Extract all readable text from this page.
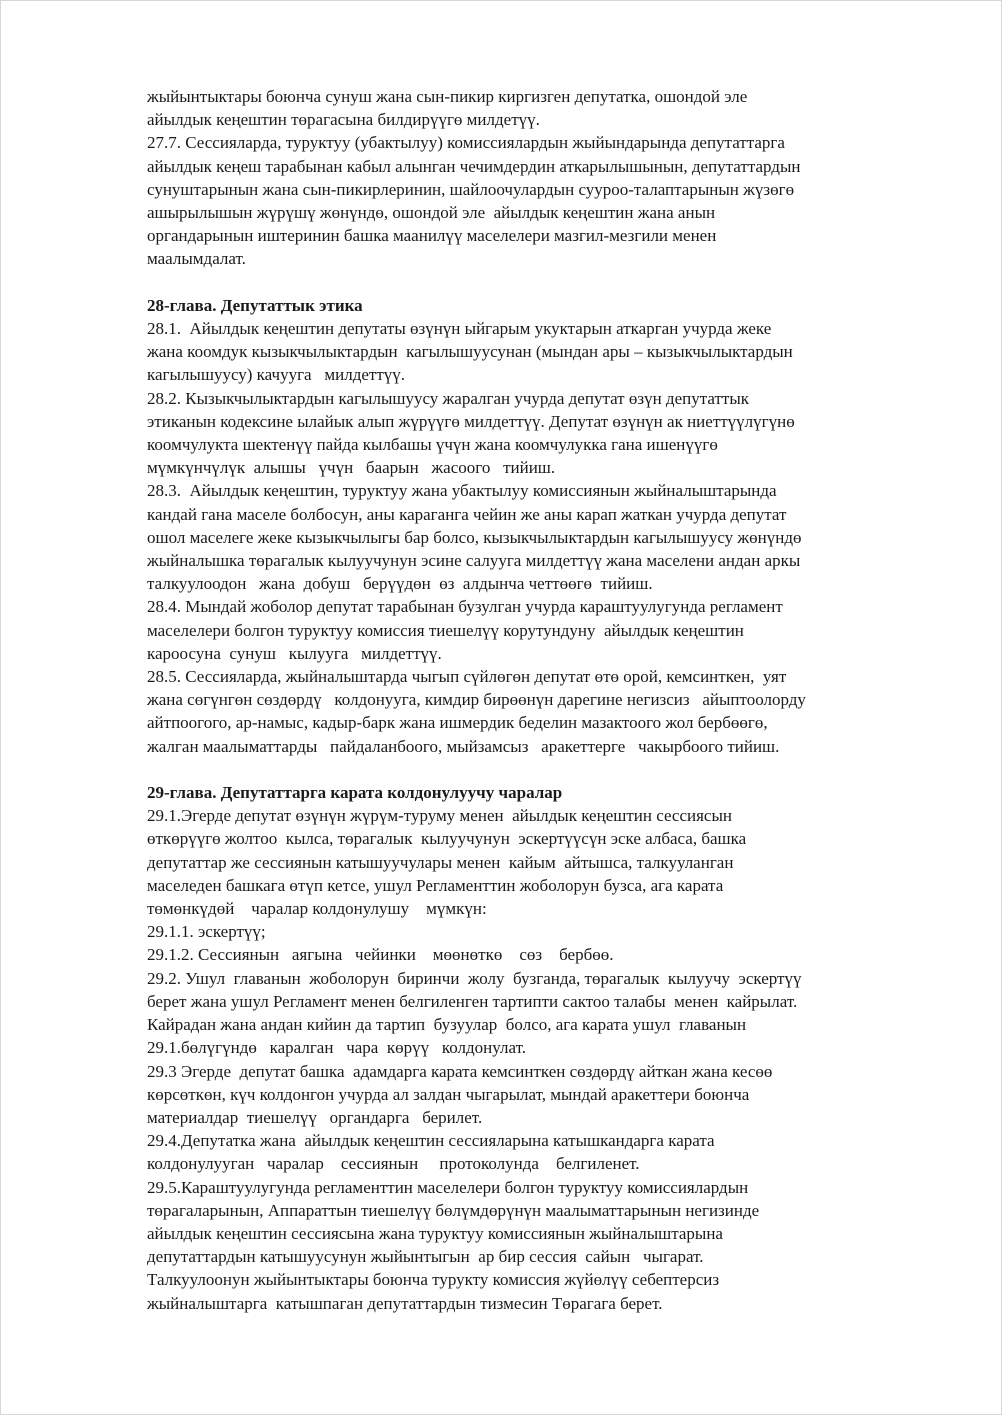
жыйынтыктары боюнча сунуш жана сын-пикир киргизген депутатка, ошондой эле
айылдык кеңештин төрагасына билдирүүгө милдетүү.
27.7. Сессияларда, туруктуу (убактылуу) комиссиялардын жыйындарында депутаттарга
айылдык кеңеш тарабынан кабыл алынган чечимдердин аткарылышынын, депутаттардын
сунуштарынын жана сын-пикирлеринин, шайлоочулардын сууроо-талаптарынын жүзөгө
ашырылышын жүрүшү жөнүндө, ошондой эле  айылдык кеңештин жана анын
органдарынын иштеринин башка маанилүү маселелери мазгил-мезгили менен
маалымдалат.
28-глава. Депутаттык этика
28.1.  Айылдык кеңештин депутаты өзүнүн ыйгарым укуктарын аткарган учурда жеке
жана коомдук кызыкчылыктардын  кагылышуусунан (мындан ары – кызыкчылыктардын
кагылышуусу) качууга   милдеттүү.
28.2. Кызыкчылыктардын кагылышуусу жаралган учурда депутат өзүн депутаттык
этиканын кодексине ылайык алып жүрүүгө милдеттүү. Депутат өзүнүн ак ниеттүүлүгүнө
коомчулукта шектенүү пайда кылбашы үчүн жана коомчулукка гана ишенүүгө
мүмкүнчүлүк  алышы   үчүн   баарын   жасоого   тийиш.
28.3.  Айылдык кеңештин, туруктуу жана убактылуу комиссиянын жыйналыштарында
кандай гана маселе болбосун, аны караганга чейин же аны карап жаткан учурда депутат
ошол маселеге жеке кызыкчылыгы бар болсо, кызыкчылыктардын кагылышуусу жөнүндө
жыйналышка төрагалык кылуучунун эсине салууга милдеттүү жана маселени андан аркы
талкуулоодон   жана  добуш   берүүдөн  өз  алдынча четтөөгө  тийиш.
28.4. Мындай жоболор депутат тарабынан бузулган учурда караштуулугунда регламент
маселелери болгон туруктуу комиссия тиешелүү корутундуну  айылдык кеңештин
кароосуна  сунуш   кылууга   милдеттүү.
28.5. Сессияларда, жыйналыштарда чыгып сүйлөгөн депутат өтө орой, кемсинткен,  уят
жана сөгүнгөн сөздөрдү   колдонууга, кимдир бирөөнүн дарегине негизсиз   айыптоолорду
айтпоогого, ар-намыс, кадыр-барк жана ишмердик беделин мазактоого жол бербөөгө,
жалган маалыматтарды   пайдаланбоого, мыйзамсыз   аракеттерге   чакырбоого тийиш.
29-глава. Депутаттарга карата колдонулуучу чаралар
29.1.Эгерде депутат өзүнүн жүрүм-туруму менен  айылдык кеңештин сессиясын
өткөрүүгө жолтоо  кылса, төрагалык  кылуучунун  эскертүүсүн эске албаса, башка
депутаттар же сессиянын катышуучулары менен  кайым  айтышса, талкууланган
маселеден башкага өтүп кетсе, ушул Регламенттин жоболорун бузса, ага карата
төмөнкүдөй    чаралар колдонулушу    мүмкүн:
29.1.1. эскертүү;
29.1.2. Сессиянын   аягына   чейинки    мөөнөткө    сөз    бербөө.
29.2. Ушул  главанын  жоболорун  биринчи  жолу  бузганда, төрагалык  кылуучу  эскертүү
берет жана ушул Регламент менен белгиленген тартипти сактоо талабы  менен  кайрылат.
Кайрадан жана андан кийин да тартип  бузуулар  болсо, ага карата ушул  главанын
29.1.бөлүгүндө   каралган   чара  көрүү   колдонулат.
29.3 Эгерде  депутат башка  адамдарга карата кемсинткен сөздөрдү айткан жана кесөө
көрсөткөн, күч колдонгон учурда ал залдан чыгарылат, мындай аракеттери боюнча
материалдар  тиешелүү   органдарга   берилет.
29.4.Депутатка жана  айылдык кеңештин сессияларына катышкандарга карата
колдонулууган   чаралар    сессиянын     протоколунда    белгиленет.
29.5.Караштуулугунда регламенттин маселелери болгон туруктуу комиссиялардын
төрагаларынын, Аппараттын тиешелүү бөлүмдөрүнүн маалыматтарынын негизинде
айылдык кеңештин сессиясына жана туруктуу комиссиянын жыйналыштарына
депутаттардын катышуусунун жыйынтыгын  ар бир сессия  сайын   чыгарат.
Талкуулоонун жыйынтыктары боюнча турукту комиссия жүйөлүү себептерсиз
жыйналыштарга  катышпаган депутаттардын тизмесин Төрагага берет.
